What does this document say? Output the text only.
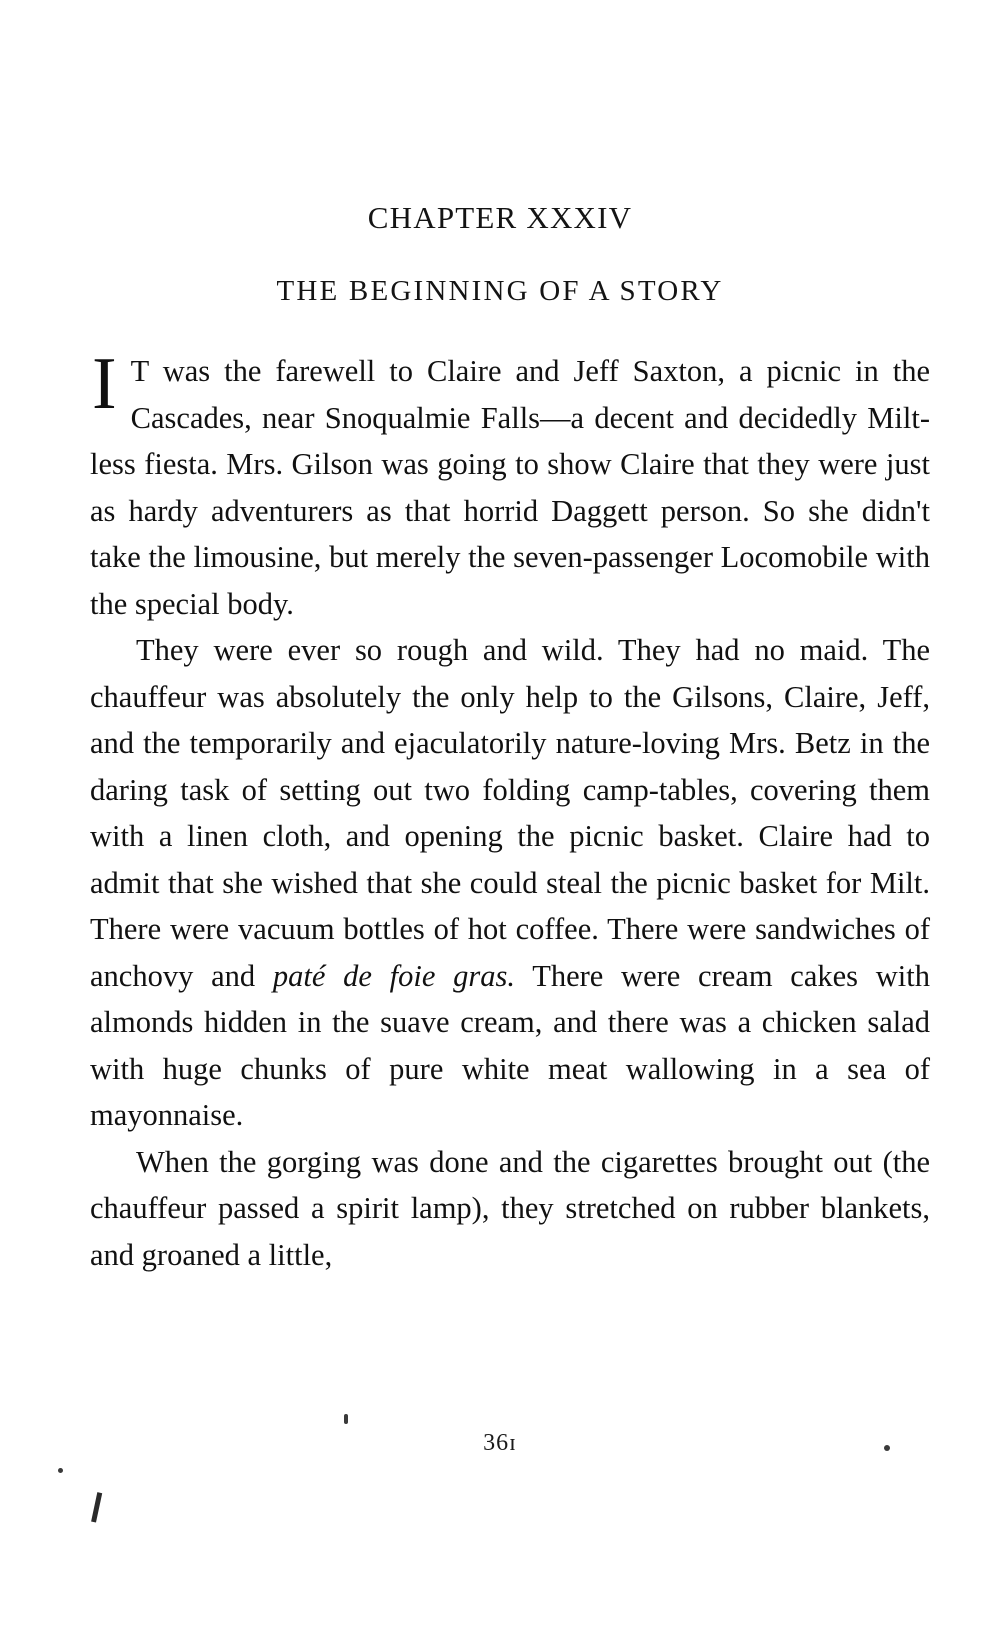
CHAPTER XXXIV
THE BEGINNING OF A STORY

I T was the farewell to Claire and Jeff Saxton, a picnic in the Cascades, near Snoqualmie Falls—a decent and decidedly Milt-less fiesta. Mrs. Gilson was going to show Claire that they were just as hardy adventurers as that horrid Daggett person. So she didn't take the limousine, but merely the seven-passenger Locomobile with the special body.

They were ever so rough and wild. They had no maid. The chauffeur was absolutely the only help to the Gilsons, Claire, Jeff, and the temporarily and ejaculatorily nature-loving Mrs. Betz in the daring task of setting out two folding camp-tables, covering them with a linen cloth, and opening the picnic basket. Claire had to admit that she wished that she could steal the picnic basket for Milt. There were vacuum bottles of hot coffee. There were sandwiches of anchovy and paté de foie gras. There were cream cakes with almonds hidden in the suave cream, and there was a chicken salad with huge chunks of pure white meat wallowing in a sea of mayonnaise.

When the gorging was done and the cigarettes brought out (the chauffeur passed a spirit lamp), they stretched on rubber blankets, and groaned a little,

36ɪ
❙
